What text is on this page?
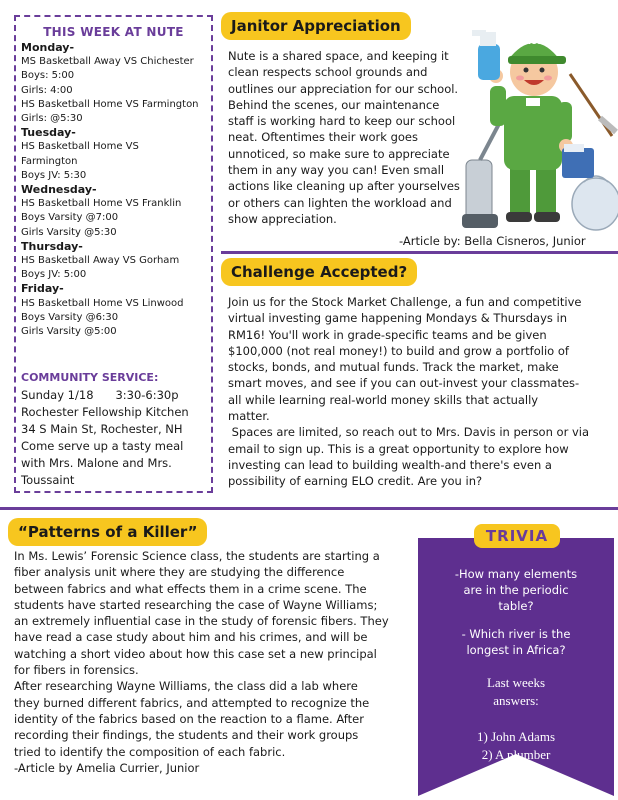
THIS WEEK AT NUTE
Monday-
MS Basketball Away VS Chichester
Boys: 5:00
Girls: 4:00
HS Basketball Home VS Farmington
Girls: @5:30
Tuesday-
HS Basketball Home VS
Farmington
Boys JV: 5:30
Wednesday-
HS Basketball Home VS Franklin
Boys Varsity @7:00
Girls Varsity @5:30
Thursday-
HS Basketball Away VS Gorham
Boys JV: 5:00
Friday-
HS Basketball Home VS Linwood
Boys Varsity @6:30
Girls Varsity @5:00
COMMUNITY SERVICE:
Sunday 1/18      3:30-6:30p
Rochester Fellowship Kitchen
34 S Main St, Rochester, NH
Come serve up a tasty meal
with Mrs. Malone and Mrs.
Toussaint
Janitor Appreciation
Nute is a shared space, and keeping it
clean respects school grounds and
outlines our appreciation for our school.
Behind the scenes, our maintenance
staff is working hard to keep our school
neat. Oftentimes their work goes
unnoticed, so make sure to appreciate
them in any way you can! Even small
actions like cleaning up after yourselves
or others can lighten the workload and
show appreciation.
-Article by: Bella Cisneros, Junior
Clean
Challenge Accepted?
Join us for the Stock Market Challenge, a fun and competitive
virtual investing game happening Mondays & Thursdays in
RM16! You'll work in grade-specific teams and be given
$100,000 (not real money!) to build and grow a portfolio of
stocks, bonds, and mutual funds. Track the market, make
smart moves, and see if you can out-invest your classmates-
all while learning real-world money skills that actually
matter.
Spaces are limited, so reach out to Mrs. Davis in person or via
email to sign up. This is a great opportunity to explore how
investing can lead to building wealth-and there's even a
possibility of earning ELO credit. Are you in?
“Patterns of a Killer”
In Ms. Lewis’ Forensic Science class, the students are starting a
fiber analysis unit where they are studying the difference
between fabrics and what effects them in a crime scene. The
students have started researching the case of Wayne Williams;
an extremely influential case in the study of forensic fibers. They
have read a case study about him and his crimes, and will be
watching a short video about how this case set a new principal
for fibers in forensics.
After researching Wayne Williams, the class did a lab where
they burned different fabrics, and attempted to recognize the
identity of the fabrics based on the reaction to a flame. After
recording their findings, the students and their work groups
tried to identify the composition of each fabric.
-Article by Amelia Currier, Junior
TRIVIA
-How many elements
are in the periodic
table?
- Which river is the
longest in Africa?
Last weeks
answers:
1) John Adams
2) A plumber
